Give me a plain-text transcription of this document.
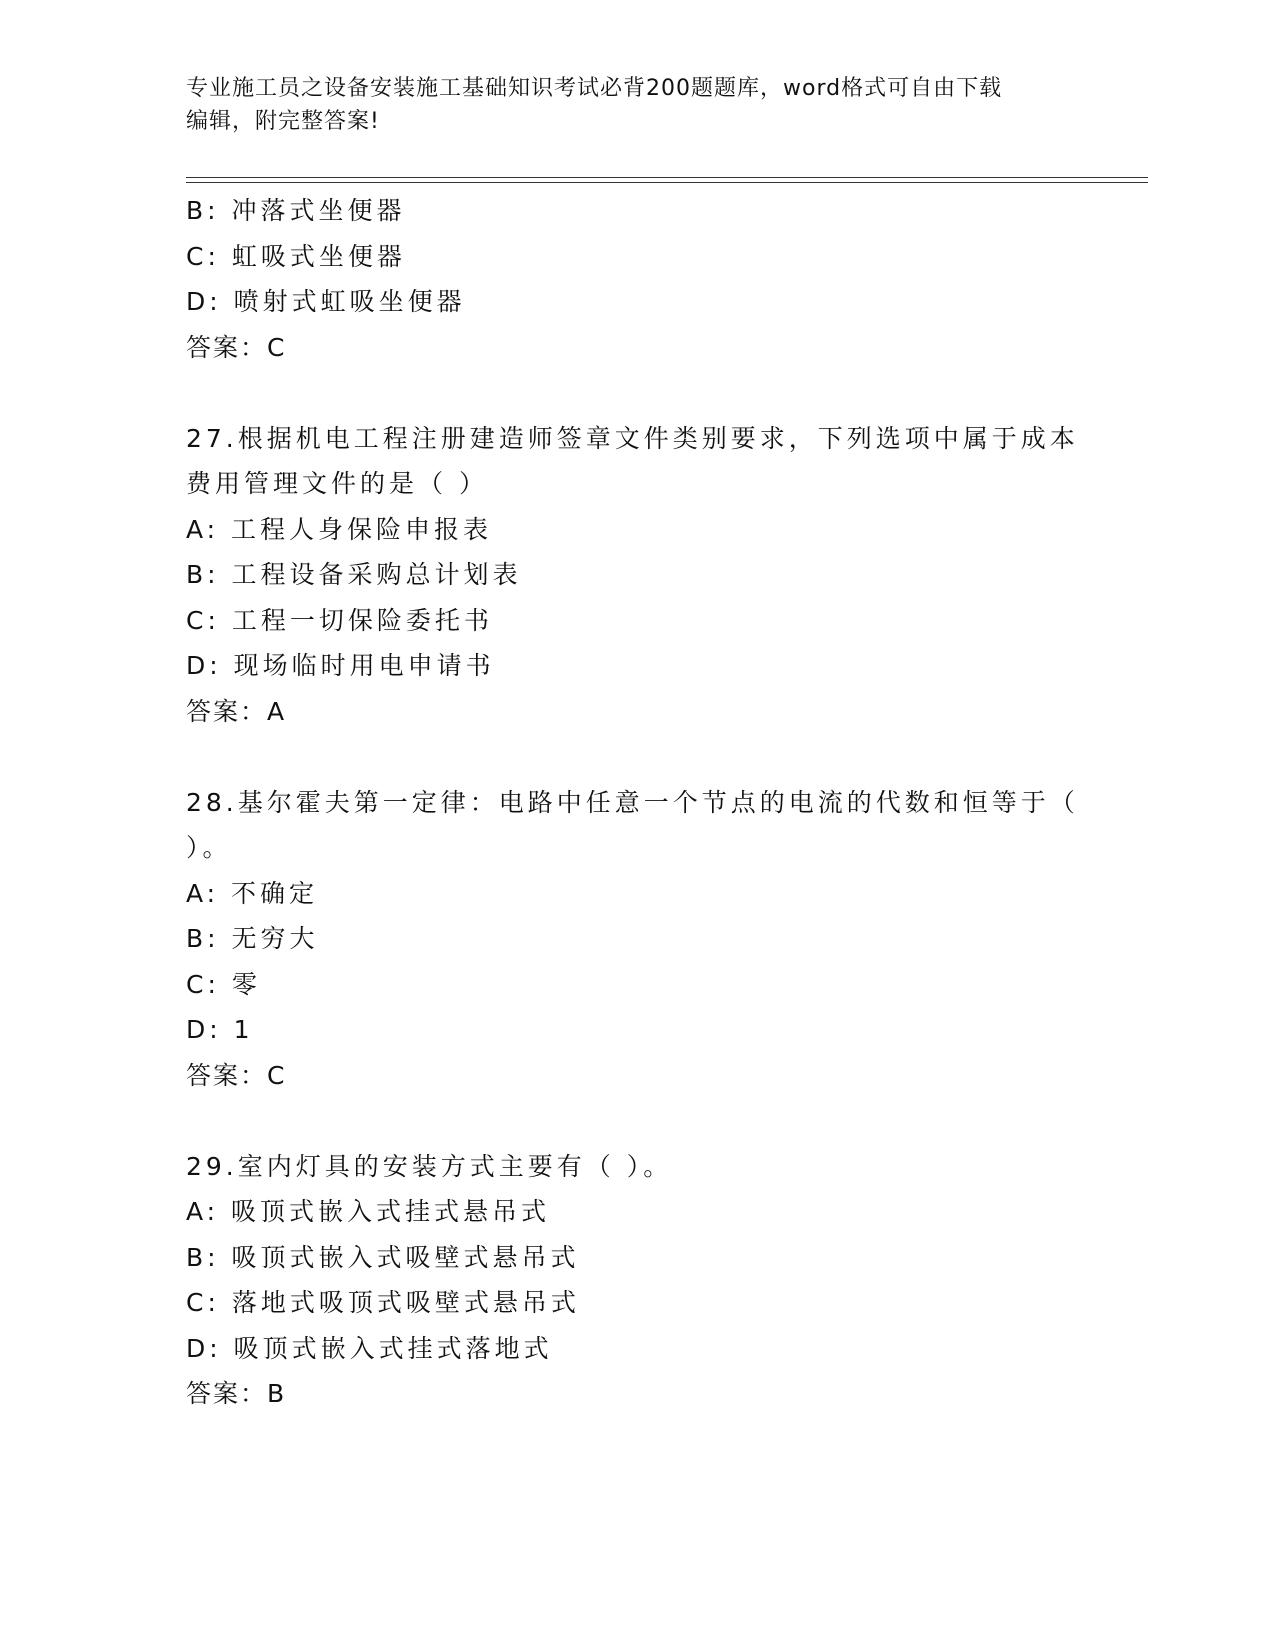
专业施工员之设备安装施工基础知识考试必背200题题库，word格式可自由下载
编辑，附完整答案!
B: 冲落式坐便器
C: 虹吸式坐便器
D: 喷射式虹吸坐便器
答案：C
27.根据机电工程注册建造师签章文件类别要求，下列选项中属于成本
费用管理文件的是（ ）
A: 工程人身保险申报表
B: 工程设备采购总计划表
C: 工程一切保险委托书
D: 现场临时用电申请书
答案：A
28.基尔霍夫第一定律：电路中任意一个节点的电流的代数和恒等于（
）。
A: 不确定
B: 无穷大
C: 零
D: 1
答案：C
29.室内灯具的安装方式主要有（ ）。
A: 吸顶式嵌入式挂式悬吊式
B: 吸顶式嵌入式吸壁式悬吊式
C: 落地式吸顶式吸壁式悬吊式
D: 吸顶式嵌入式挂式落地式
答案：B
